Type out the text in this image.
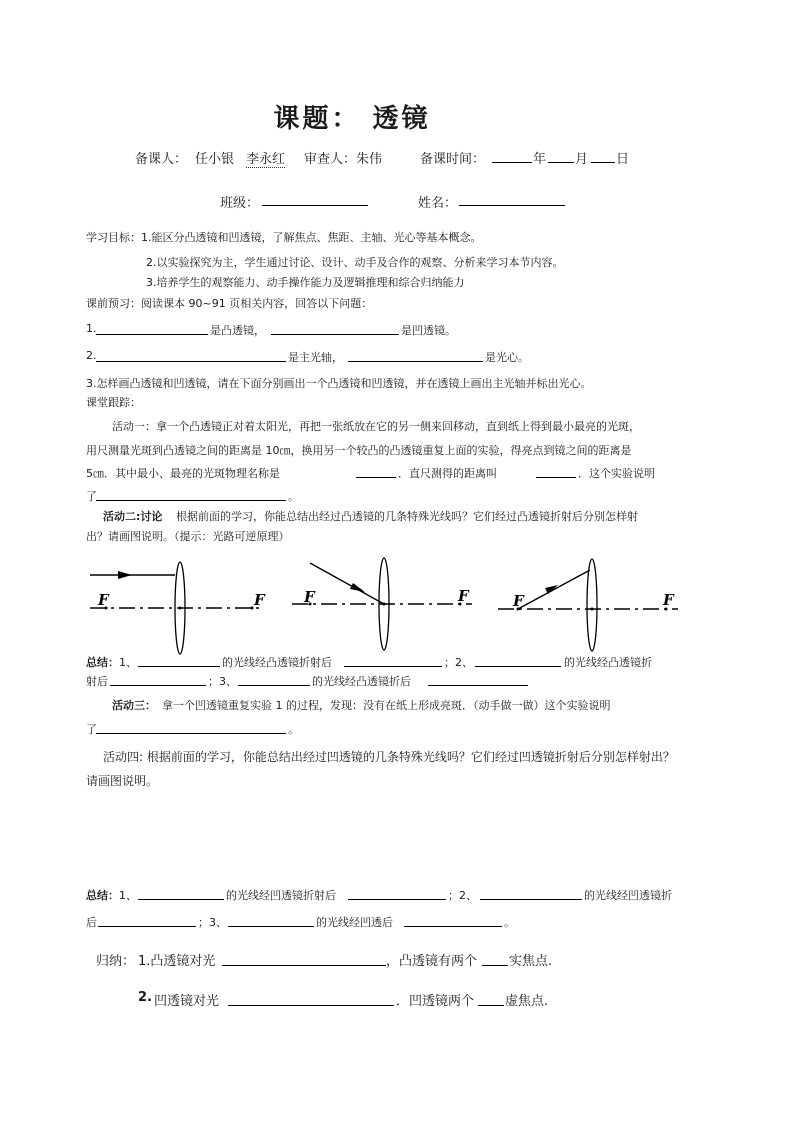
课题： 透镜
备课人： 任小银 李永红 审查人： 朱伟	备课时间：	年 月 日
班级：	姓名：
学习目标： 1.能区分凸透镜和凹透镜，了解焦点、焦距、主轴、光心等基本概念。
2.以实验探究为主，学生通过讨论、设计、动手及合作的观察、分析来学习本节内容。
3.培养学生的观察能力、动手操作能力及逻辑推理和综合归纳能力
课前预习：阅读课本 90~91 页相关内容，回答以下问题：
1.	是凸透镜，	是凹透镜。
2.	是主光轴，	是光心。
3.怎样画凸透镜和凹透镜，请在下面分别画出一个凸透镜和凹透镜，并在透镜上画出主光轴并标出光心。
课堂跟踪：
活动一：拿一个凸透镜正对着太阳光，再把一张纸放在它的另一侧来回移动，直到纸上得到最小最亮的光斑，
用尺测量光斑到凸透镜之间的距离是 10㎝，换用另一个较凸的凸透镜重复上面的实验，得亮点到镜之间的距离是
5㎝．其中最小、最亮的光斑物理名称是	．直尺测得的距离叫	．这个实验说明
了	。
活动二:讨论 根据前面的学习，你能总结出经过凸透镜的几条特殊光线吗？它们经过凸透镜折射后分别怎样射
出？请画图说明。（提示：光路可逆原理）
F	F	F	F	F	F
总结： 1、	的光线经凸透镜折射后	；2、	的光线经凸透镜折
射后	；3、	的光线经凸透镜折后
活动三： 拿一个凹透镜重复实验 1 的过程，发现：没有在纸上形成亮斑．（动手做一做）这个实验说明
了	。
活动四: 根据前面的学习，你能总结出经过凹透镜的几条特殊光线吗？它们经过凹透镜折射后分别怎样射出？
请画图说明。
总结： 1、	的光线经凹透镜折射后	；2、	的光线经凹透镜折
后	；3、	的光线经凹透后	。
归纳： 1.凸透镜对光	，凸透镜有两个 实焦点.
2. 凹透镜对光	．凹透镜两个 虚焦点.
